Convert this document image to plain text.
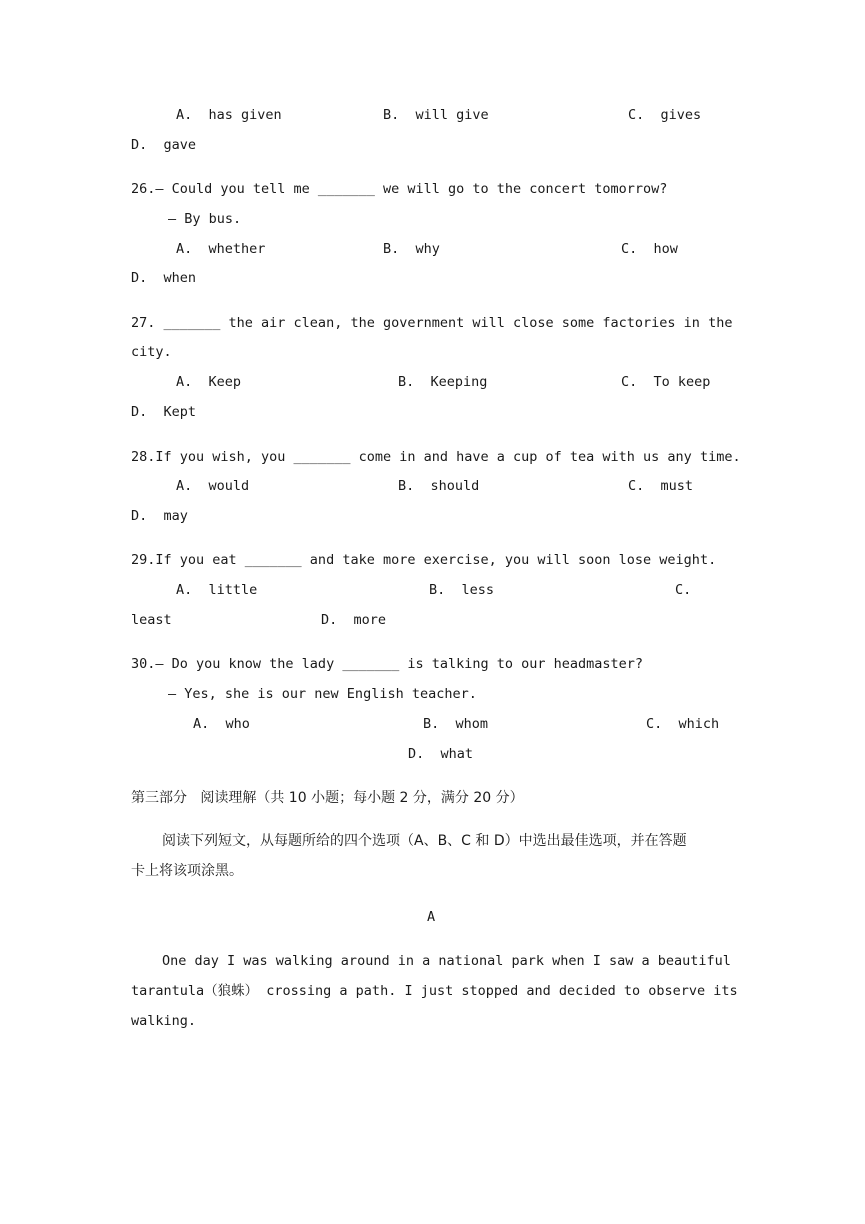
A.  has given	B.  will give	C.  gives
D.  gave
26.— Could you tell me _______ we will go to the concert tomorrow?
— By bus.
A.  whether	B.  why	C.  how
D.  when
27. _______ the air clean, the government will close some factories in the
city.
A.  Keep	B.  Keeping	C.  To keep
D.  Kept
28.If you wish, you _______ come in and have a cup of tea with us any time.
A.  would	B.  should	C.  must
D.  may
29.If you eat _______ and take more exercise, you will soon lose weight.
A.  little	B.  less	C.
least	D.  more
30.— Do you know the lady _______ is talking to our headmaster?
— Yes, she is our new English teacher.
A.  who	B.  whom	C.  which
D.  what
第三部分   阅读理解（共 10 小题；每小题 2 分，满分 20 分）
阅读下列短文，从每题所给的四个选项（A、B、C 和 D）中选出最佳选项，并在答题
卡上将该项涂黑。
A
One day I was walking around in a national park when I saw a beautiful
tarantula（狼蛛） crossing a path. I just stopped and decided to observe its
walking.
